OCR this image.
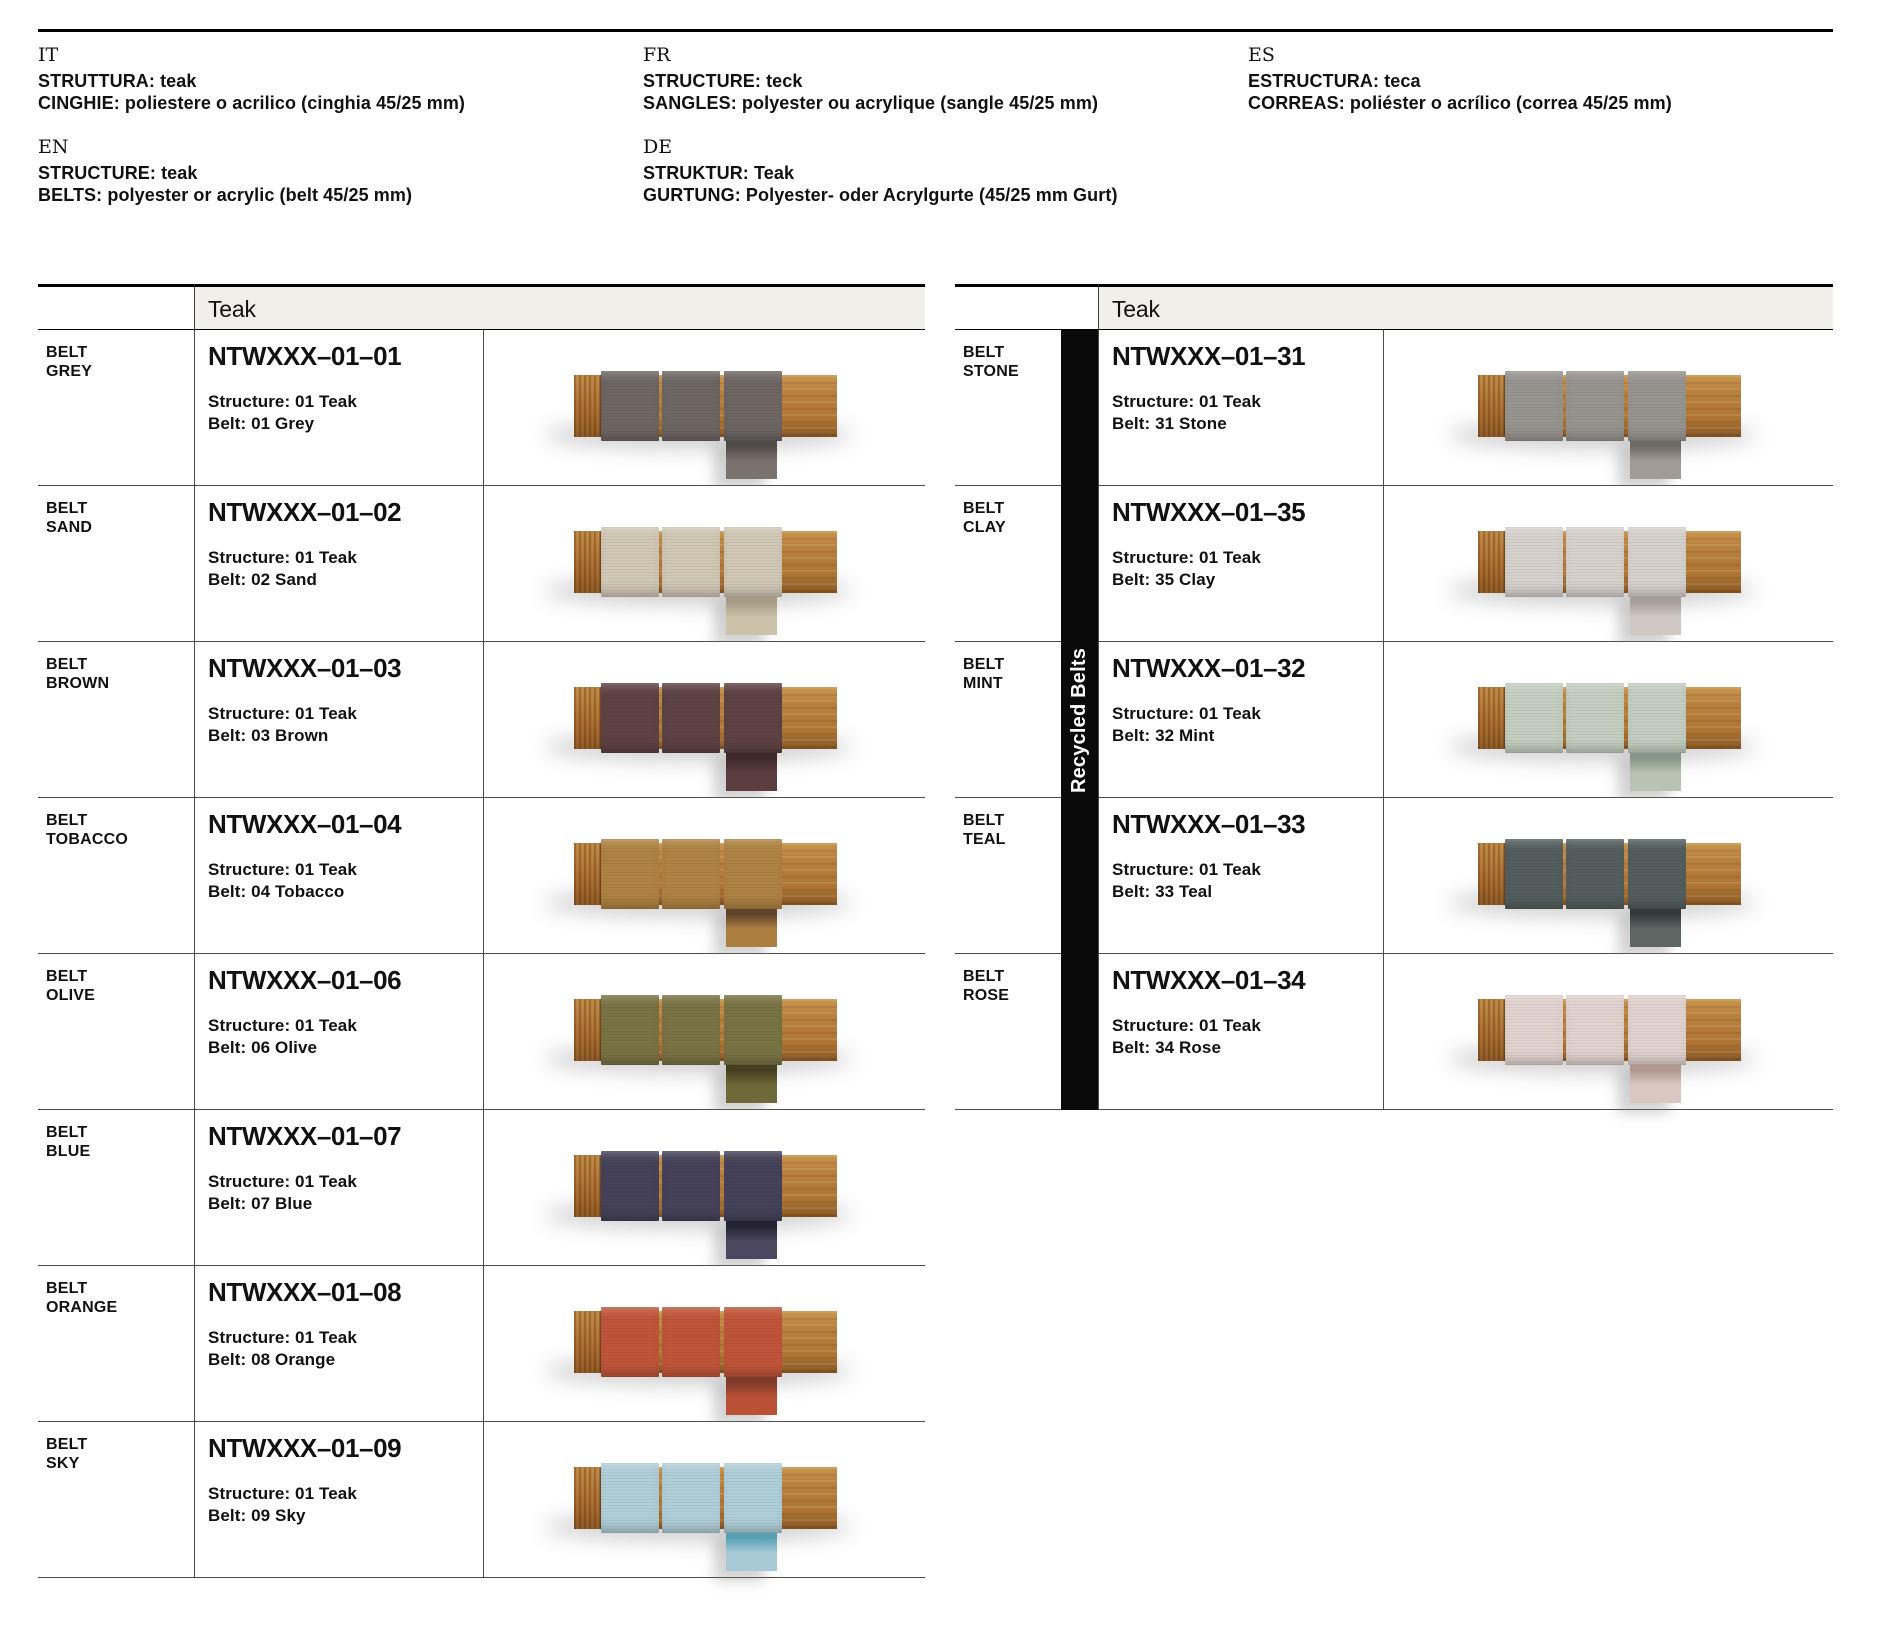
IT
STRUTTURA: teak
CINGHIE: poliestere o acrilico (cinghia 45/25 mm)
FR
STRUCTURE: teck
SANGLES: polyester ou acrylique (sangle 45/25 mm)
ES
ESTRUCTURA: teca
CORREAS: poliéster o acrílico (correa 45/25 mm)
EN
STRUCTURE: teak
BELTS: polyester or acrylic (belt 45/25 mm)
DE
STRUKTUR: Teak
GURTUNG: Polyester- oder Acrylgurte (45/25 mm Gurt)
Teak
BELT
GREY
NTWXXX–01–01
Structure: 01 Teak
Belt: 01 Grey
BELT
SAND
NTWXXX–01–02
Structure: 01 Teak
Belt: 02 Sand
BELT
BROWN
NTWXXX–01–03
Structure: 01 Teak
Belt: 03 Brown
BELT
TOBACCO
NTWXXX–01–04
Structure: 01 Teak
Belt: 04 Tobacco
BELT
OLIVE
NTWXXX–01–06
Structure: 01 Teak
Belt: 06 Olive
BELT
BLUE
NTWXXX–01–07
Structure: 01 Teak
Belt: 07 Blue
BELT
ORANGE
NTWXXX–01–08
Structure: 01 Teak
Belt: 08 Orange
BELT
SKY
NTWXXX–01–09
Structure: 01 Teak
Belt: 09 Sky
Teak
Recycled Belts
BELT
STONE
NTWXXX–01–31
Structure: 01 Teak
Belt: 31 Stone
BELT
CLAY
NTWXXX–01–35
Structure: 01 Teak
Belt: 35 Clay
BELT
MINT
NTWXXX–01–32
Structure: 01 Teak
Belt: 32 Mint
BELT
TEAL
NTWXXX–01–33
Structure: 01 Teak
Belt: 33 Teal
BELT
ROSE
NTWXXX–01–34
Structure: 01 Teak
Belt: 34 Rose
